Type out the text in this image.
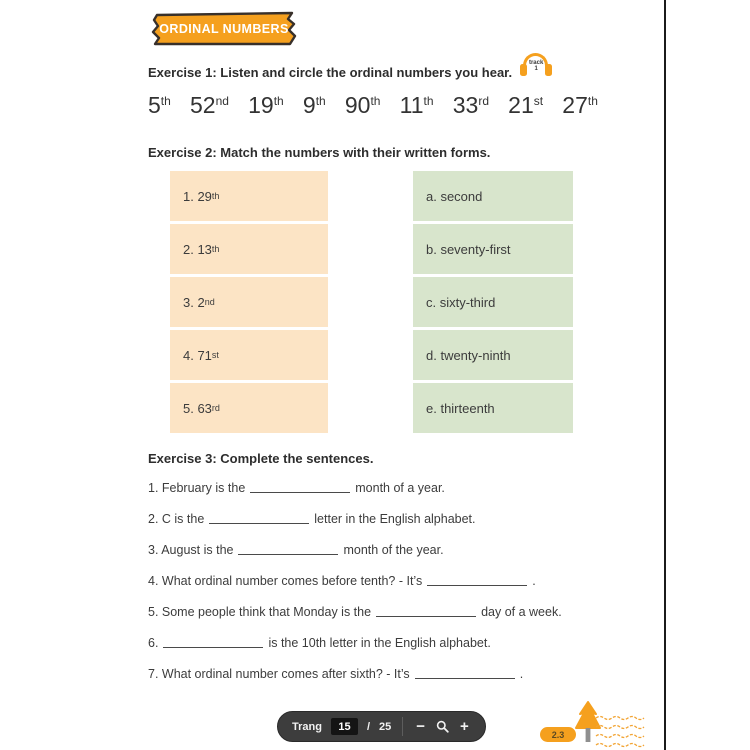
ORDINAL NUMBERS
Exercise 1: Listen and circle the ordinal numbers you hear.
track
1
5th 52nd 19th 9th 90th 11th 33rd 21st 27th
Exercise 2: Match the numbers with their written forms.
1. 29 th
2. 13 th
3. 2 nd
4. 71 st
5. 63 rd
a. second
b. seventy-first
c. sixty-third
d. twenty-ninth
e. thirteenth
Exercise 3: Complete the sentences.
1. February is the	month of a year.
2. C is the	letter in the English alphabet.
3. August is the	month of the year.
4. What ordinal number comes before tenth? - It’s	.
5. Some people think that Monday is the	day of a week.
6.	is the 10th letter in the English alphabet.
7. What ordinal number comes after sixth? - It’s	.
Trang
15	/ 25 − +	2.3
